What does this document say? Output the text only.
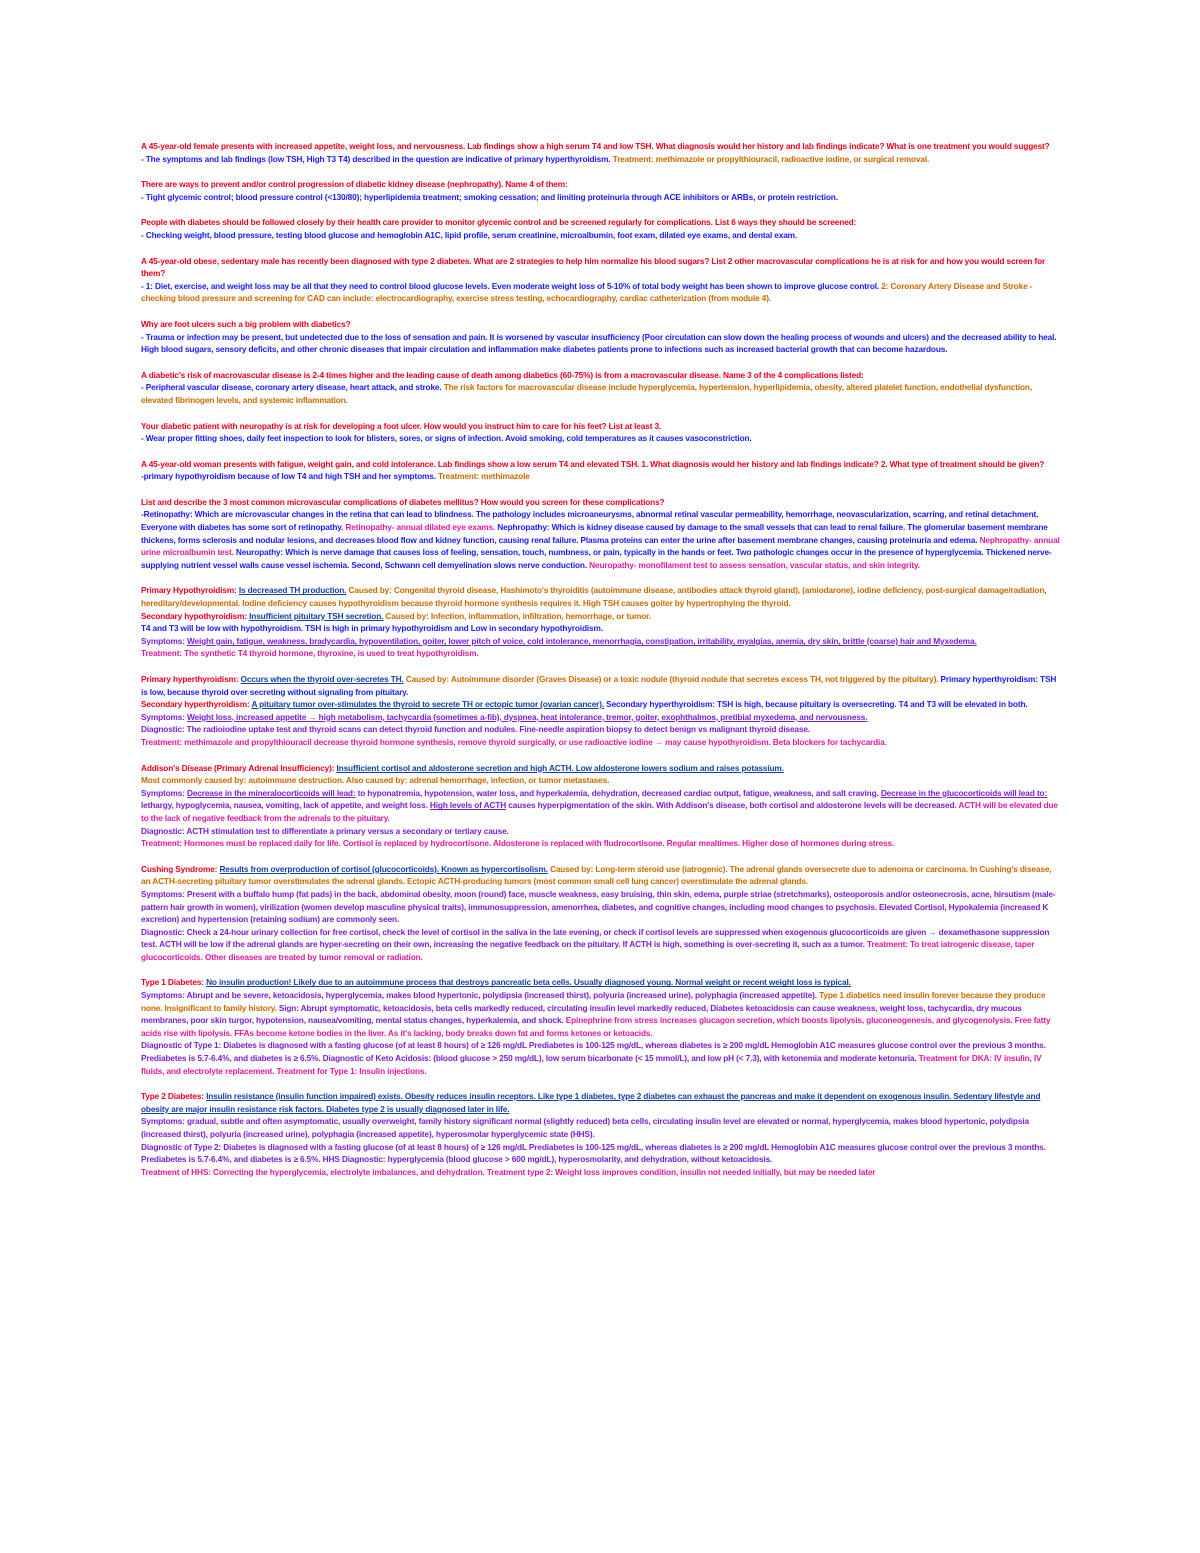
A 45-year-old female presents with increased appetite, weight loss, and nervousness. Lab findings show a high serum T4 and low TSH. What diagnosis would her history and lab findings indicate? What is one treatment you would suggest?

- The symptoms and lab findings (low TSH, High T3 T4) described in the question are indicative of primary hyperthyroidism. Treatment: methimazole or propylthiouracil, radioactive iodine, or surgical removal.

There are ways to prevent and/or control progression of diabetic kidney disease (nephropathy). Name 4 of them:

- Tight glycemic control; blood pressure control (<130/80); hyperlipidemia treatment; smoking cessation; and limiting proteinuria through ACE inhibitors or ARBs, or protein restriction.

People with diabetes should be followed closely by their health care provider to monitor glycemic control and be screened regularly for complications. List 6 ways they should be screened:

- Checking weight, blood pressure, testing blood glucose and hemoglobin A1C, lipid profile, serum creatinine, microalbumin, foot exam, dilated eye exams, and dental exam.

A 45-year-old obese, sedentary male has recently been diagnosed with type 2 diabetes. What are 2 strategies to help him normalize his blood sugars? List 2 other macrovascular complications he is at risk for and how you would screen for them?

- 1: Diet, exercise, and weight loss may be all that they need to control blood glucose levels. Even moderate weight loss of 5-10% of total body weight has been shown to improve glucose control. 2: Coronary Artery Disease and Stroke - checking blood pressure and screening for CAD can include: electrocardiography, exercise stress testing, echocardiography, cardiac catheterization (from module 4).

Why are foot ulcers such a big problem with diabetics?

- Trauma or infection may be present, but undetected due to the loss of sensation and pain. It is worsened by vascular insufficiency (Poor circulation can slow down the healing process of wounds and ulcers) and the decreased ability to heal. High blood sugars, sensory deficits, and other chronic diseases that impair circulation and inflammation make diabetes patients prone to infections such as increased bacterial growth that can become hazardous.

A diabetic's risk of macrovascular disease is 2-4 times higher and the leading cause of death among diabetics (60-75%) is from a macrovascular disease. Name 3 of the 4 complications listed:

- Peripheral vascular disease, coronary artery disease, heart attack, and stroke. The risk factors for macrovascular disease include hyperglycemia, hypertension, hyperlipidemia, obesity, altered platelet function, endothelial dysfunction, elevated fibrinogen levels, and systemic inflammation.

Your diabetic patient with neuropathy is at risk for developing a foot ulcer. How would you instruct him to care for his feet? List at least 3.

- Wear proper fitting shoes, daily feet inspection to look for blisters, sores, or signs of infection. Avoid smoking, cold temperatures as it causes vasoconstriction.

A 45-year-old woman presents with fatigue, weight gain, and cold intolerance. Lab findings show a low serum T4 and elevated TSH. 1. What diagnosis would her history and lab findings indicate? 2. What type of treatment should be given?

-primary hypothyroidism because of low T4 and high TSH and her symptoms. Treatment: methimazole

List and describe the 3 most common microvascular complications of diabetes mellitus? How would you screen for these complications?

-Retinopathy: Which are microvascular changes in the retina that can lead to blindness. The pathology includes microaneurysms, abnormal retinal vascular permeability, hemorrhage, neovascularization, scarring, and retinal detachment. Everyone with diabetes has some sort of retinopathy. Retinopathy- annual dilated eye exams. Nephropathy: Which is kidney disease caused by damage to the small vessels that can lead to renal failure. The glomerular basement membrane thickens, forms sclerosis and nodular lesions, and decreases blood flow and kidney function, causing renal failure. Plasma proteins can enter the urine after basement membrane changes, causing proteinuria and edema. Nephropathy- annual urine microalbumin test. Neuropathy: Which is nerve damage that causes loss of feeling, sensation, touch, numbness, or pain, typically in the hands or feet. Two pathologic changes occur in the presence of hyperglycemia. Thickened nerve-supplying nutrient vessel walls cause vessel ischemia. Second, Schwann cell demyelination slows nerve conduction. Neuropathy- monofilament test to assess sensation, vascular status, and skin integrity.

Primary Hypothyroidism: Is decreased TH production. Caused by: Congenital thyroid disease, Hashimoto's thyroiditis (autoimmune disease, antibodies attack thyroid gland), (amiodarone), iodine deficiency, post-surgical damage/radiation, hereditary/developmental. Iodine deficiency causes hypothyroidism because thyroid hormone synthesis requires it. High TSH causes goiter by hypertrophying the thyroid.

Secondary hypothyroidism: Insufficient pituitary TSH secretion. Caused by: Infection, inflammation, infiltration, hemorrhage, or tumor.

T4 and T3 will be low with hypothyroidism. TSH is high in primary hypothyroidism and Low in secondary hypothyroidism.

Symptoms: Weight gain, fatigue, weakness, bradycardia, hypoventilation, goiter, lower pitch of voice, cold intolerance, menorrhagia, constipation, irritability, myalgias, anemia, dry skin, brittle (coarse) hair and Myxedema.

Treatment: The synthetic T4 thyroid hormone, thyroxine, is used to treat hypothyroidism.

Primary hyperthyroidism: Occurs when the thyroid over-secretes TH. Caused by: Autoimmune disorder (Graves Disease) or a toxic nodule (thyroid nodule that secretes excess TH, not triggered by the pituitary). Primary hyperthyroidism: TSH is low, because thyroid over secreting without signaling from pituitary.

Secondary hyperthyroidism: A pituitary tumor over-stimulates the thyroid to secrete TH or ectopic tumor (ovarian cancer). Secondary hyperthyroidism: TSH is high, because pituitary is oversecreting. T4 and T3 will be elevated in both.

Symptoms: Weight loss, increased appetite → high metabolism, tachycardia (sometimes a-fib), dyspnea, heat intolerance, tremor, goiter, exophthalmos, pretibial myxedema, and nervousness.

Diagnostic: The radioiodine uptake test and thyroid scans can detect thyroid function and nodules. Fine-needle aspiration biopsy to detect benign vs malignant thyroid disease.

Treatment: methimazole and propylthiouracil decrease thyroid hormone synthesis, remove thyroid surgically, or use radioactive iodine → may cause hypothyroidism. Beta blockers for tachycardia.

Addison's Disease (Primary Adrenal Insufficiency): Insufficient cortisol and aldosterone secretion and high ACTH. Low aldosterone lowers sodium and raises potassium.

Most commonly caused by: autoimmune destruction. Also caused by: adrenal hemorrhage, infection, or tumor metastases.

Symptoms: Decrease in the mineralocorticoids will lead: to hyponatremia, hypotension, water loss, and hyperkalemia, dehydration, decreased cardiac output, fatigue, weakness, and salt craving. Decrease in the glucocorticoids will lead to: lethargy, hypoglycemia, nausea, vomiting, lack of appetite, and weight loss. High levels of ACTH causes hyperpigmentation of the skin. With Addison's disease, both cortisol and aldosterone levels will be decreased. ACTH will be elevated due to the lack of negative feedback from the adrenals to the pituitary.

Diagnostic: ACTH stimulation test to differentiate a primary versus a secondary or tertiary cause.

Treatment: Hormones must be replaced daily for life. Cortisol is replaced by hydrocortisone. Aldosterone is replaced with fludrocortisone. Regular mealtimes. Higher dose of hormones during stress.

Cushing Syndrome: Results from overproduction of cortisol (glucocorticoids). Known as hypercortisolism. Caused by: Long-term steroid use (iatrogenic). The adrenal glands oversecrete due to adenoma or carcinoma. In Cushing's disease, an ACTH-secreting pituitary tumor overstimulates the adrenal glands. Ectopic ACTH-producing tumors (most common small cell lung cancer) overstimulate the adrenal glands.

Symptoms: Present with a buffalo hump (fat pads) in the back, abdominal obesity, moon (round) face, muscle weakness, easy bruising, thin skin, edema, purple striae (stretchmarks), osteoporosis and/or osteonecrosis, acne, hirsutism (male-pattern hair growth in women), virilization (women develop masculine physical traits), immunosuppression, amenorrhea, diabetes, and cognitive changes, including mood changes to psychosis. Elevated Cortisol, Hypokalemia (increased K excretion) and hypertension (retaining sodium) are commonly seen.

Diagnostic: Check a 24-hour urinary collection for free cortisol, check the level of cortisol in the saliva in the late evening, or check if cortisol levels are suppressed when exogenous glucocorticoids are given → dexamethasone suppression test. ACTH will be low if the adrenal glands are hyper-secreting on their own, increasing the negative feedback on the pituitary. If ACTH is high, something is over-secreting it, such as a tumor. Treatment: To treat iatrogenic disease, taper glucocorticoids. Other diseases are treated by tumor removal or radiation.

Type 1 Diabetes: No insulin production! Likely due to an autoimmune process that destroys pancreatic beta cells. Usually diagnosed young. Normal weight or recent weight loss is typical.

Symptoms: Abrupt and be severe, ketoacidosis, hyperglycemia, makes blood hypertonic, polydipsia (increased thirst), polyuria (increased urine), polyphagia (increased appetite). Type 1 diabetics need insulin forever because they produce none. Insignificant to family history. Sign: Abrupt symptomatic, ketoacidosis, beta cells markedly reduced, circulating insulin level markedly reduced, Diabetes ketoacidosis can cause weakness, weight loss, tachycardia, dry mucous membranes, poor skin turgor, hypotension, nausea/vomiting, mental status changes, hyperkalemia, and shock. Epinephrine from stress increases glucagon secretion, which boosts lipolysis, gluconeogenesis, and glycogenolysis. Free fatty acids rise with lipolysis. FFAs become ketone bodies in the liver. As it's lacking, body breaks down fat and forms ketones or ketoacids.

Diagnostic of Type 1: Diabetes is diagnosed with a fasting glucose (of at least 8 hours) of ≥ 126 mg/dL Prediabetes is 100-125 mg/dL, whereas diabetes is ≥ 200 mg/dL Hemoglobin A1C measures glucose control over the previous 3 months. Prediabetes is 5.7-6.4%, and diabetes is ≥ 6.5%. Diagnostic of Keto Acidosis: (blood glucose > 250 mg/dL), low serum bicarbonate (< 15 mmol/L), and low pH (< 7.3), with ketonemia and moderate ketonuria. Treatment for DKA: IV insulin, IV fluids, and electrolyte replacement. Treatment for Type 1: Insulin injections.

Type 2 Diabetes: Insulin resistance (insulin function impaired) exists. Obesity reduces insulin receptors. Like type 1 diabetes, type 2 diabetes can exhaust the pancreas and make it dependent on exogenous insulin. Sedentary lifestyle and obesity are major insulin resistance risk factors. Diabetes type 2 is usually diagnosed later in life.

Symptoms: gradual, subtle and often asymptomatic, usually overweight, family history significant normal (slightly reduced) beta cells, circulating insulin level are elevated or normal, hyperglycemia, makes blood hypertonic, polydipsia (increased thirst), polyuria (increased urine), polyphagia (increased appetite), hyperosmolar hyperglycemic state (HHS).

Diagnostic of Type 2: Diabetes is diagnosed with a fasting glucose (of at least 8 hours) of ≥ 126 mg/dL Prediabetes is 100-125 mg/dL, whereas diabetes is ≥ 200 mg/dL Hemoglobin A1C measures glucose control over the previous 3 months. Prediabetes is 5.7-6.4%, and diabetes is ≥ 6.5%. HHS Diagnostic: hyperglycemia (blood glucose > 600 mg/dL), hyperosmolarity, and dehydration, without ketoacidosis.

Treatment of HHS: Correcting the hyperglycemia, electrolyte imbalances, and dehydration. Treatment type 2: Weight loss improves condition, insulin not needed initially, but may be needed later
